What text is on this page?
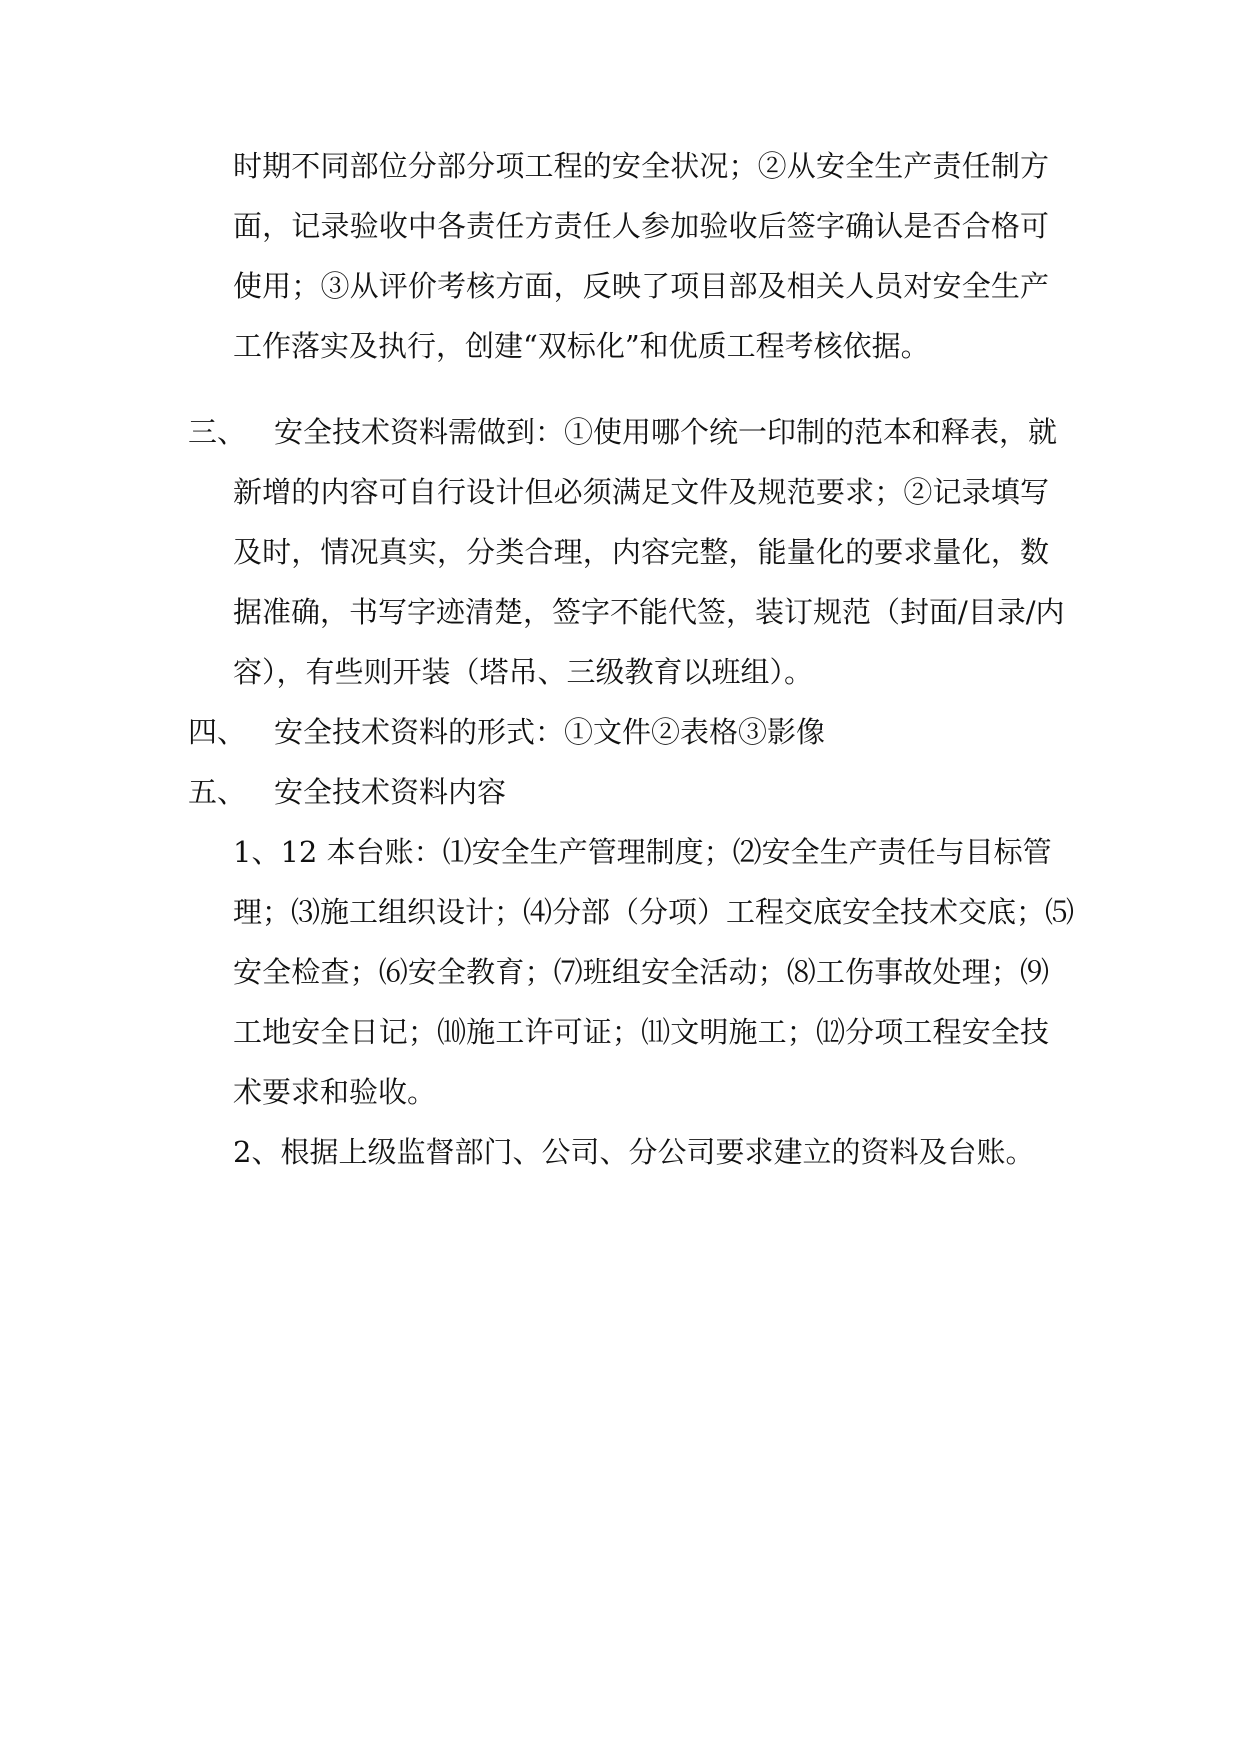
时期不同部位分部分项工程的安全状况；②从安全生产责任制方
面，记录验收中各责任方责任人参加验收后签字确认是否合格可
使用；③从评价考核方面，反映了项目部及相关人员对安全生产
工作落实及执行，创建“双标化”和优质工程考核依据。
三、 安全技术资料需做到：①使用哪个统一印制的范本和释表，就
新增的内容可自行设计但必须满足文件及规范要求；②记录填写
及时，情况真实，分类合理，内容完整，能量化的要求量化，数
据准确，书写字迹清楚，签字不能代签，装订规范（封面/目录/内
容），有些则开装（塔吊、三级教育以班组）。
四、 安全技术资料的形式：①文件②表格③影像
五、 安全技术资料内容
1、12 本台账：⑴安全生产管理制度；⑵安全生产责任与目标管
理；⑶施工组织设计；⑷分部（分项）工程交底安全技术交底；⑸
安全检查；⑹安全教育；⑺班组安全活动；⑻工伤事故处理；⑼
工地安全日记；⑽施工许可证；⑾文明施工；⑿分项工程安全技
术要求和验收。
2、根据上级监督部门、公司、分公司要求建立的资料及台账。
